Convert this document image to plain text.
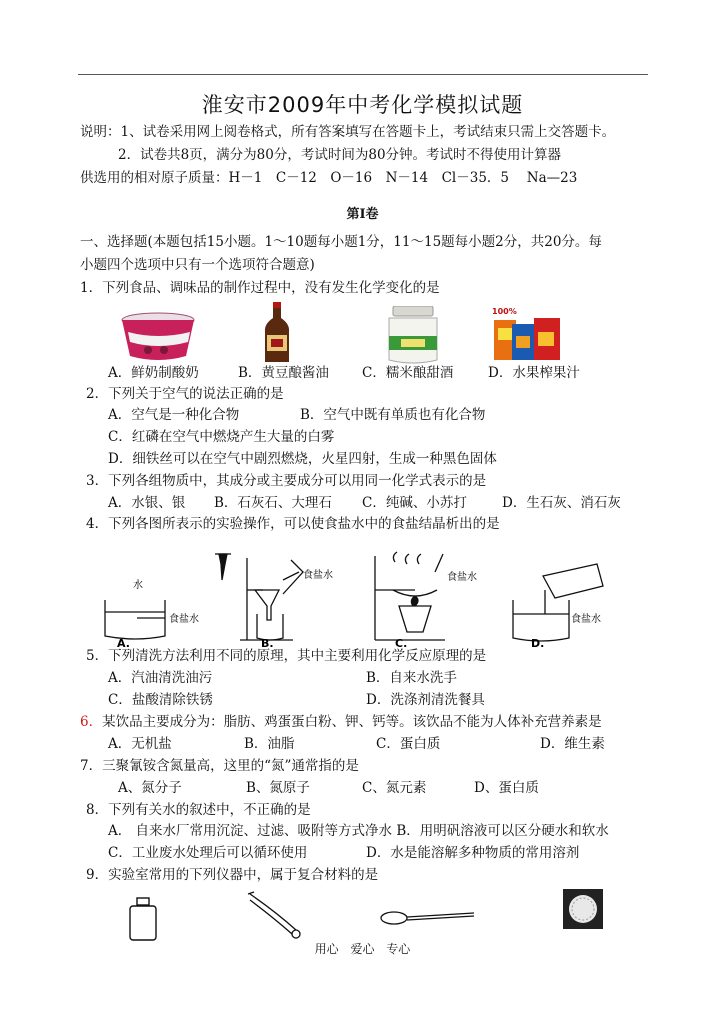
淮安市2009年中考化学模拟试题
说明：1、试卷采用网上阅卷格式，所有答案填写在答题卡上，考试结束只需上交答题卡。
2．试卷共8页，满分为80分，考试时间为80分钟。考试时不得使用计算器
供选用的相对原子质量：H－1　C－12　O－16　N－14　Cl－35．5　 Na—23
第Ⅰ卷
一、选择题(本题包括15小题。1～10题每小题1分，11～15题每小题2分，共20分。每
小题四个选项中只有一个选项符合题意)
1．下列食品、调味品的制作过程中，没有发生化学变化的是
100%
A．鲜奶制酸奶	B．黄豆酿酱油 C．糯米酿甜酒	D．水果榨果汁
2．下列关于空气的说法正确的是
A．空气是一种化合物	B．空气中既有单质也有化合物
C．红磷在空气中燃烧产生大量的白雾
D．细铁丝可以在空气中剧烈燃烧，火星四射，生成一种黑色固体
3．下列各组物质中，其成分或主要成分可以用同一化学式表示的是
A．水银、银 B．石灰石、大理石 C．纯碱、小苏打	D．生石灰、消石灰
4．下列各图所表示的实验操作，可以使食盐水中的食盐结晶析出的是
水
食盐水
食盐水	食盐水
食盐水
A.	B.	C.	D.
5．下列清洗方法利用不同的原理，其中主要利用化学反应原理的是
A．汽油清洗油污	B．自来水洗手
C．盐酸清除铁锈	D．洗涤剂清洗餐具
6．某饮品主要成分为：脂肪、鸡蛋蛋白粉、钾、钙等。该饮品不能为人体补充营养素是
A．无机盐	B．油脂	C．蛋白质	D．维生素
7．三聚氰铵含氮量高，这里的“氮”通常指的是
A、氮分子	B、氮原子	C、氮元素	D、蛋白质
8．下列有关水的叙述中，不正确的是
A． 自来水厂常用沉淀、过滤、吸附等方式净水 B．用明矾溶液可以区分硬水和软水
C．工业废水处理后可以循环使用	D．水是能溶解多种物质的常用溶剂
9．实验室常用的下列仪器中，属于复合材料的是
用心 爱心 专心
